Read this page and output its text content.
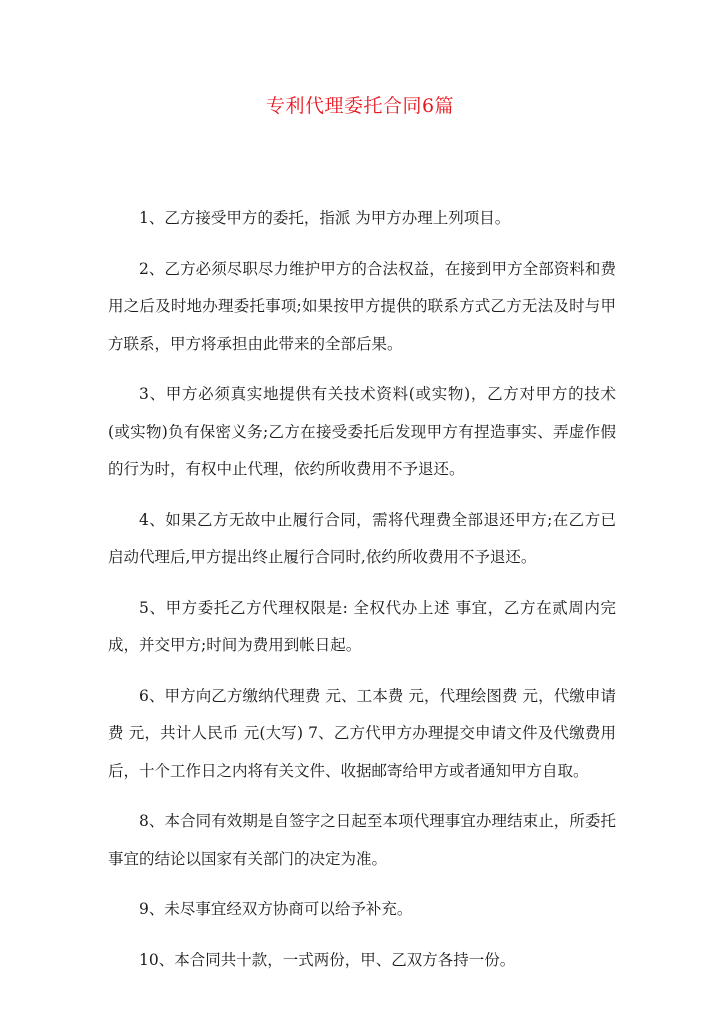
专利代理委托合同6篇

1、乙方接受甲方的委托，指派 为甲方办理上列项目。

2、乙方必须尽职尽力维护甲方的合法权益，在接到甲方全部资料和费用之后及时地办理委托事项;如果按甲方提供的联系方式乙方无法及时与甲方联系，甲方将承担由此带来的全部后果。

3、甲方必须真实地提供有关技术资料(或实物)，乙方对甲方的技术(或实物)负有保密义务;乙方在接受委托后发现甲方有捏造事实、弄虚作假的行为时，有权中止代理，依约所收费用不予退还。

4、如果乙方无故中止履行合同，需将代理费全部退还甲方;在乙方已启动代理后,甲方提出终止履行合同时,依约所收费用不予退还。

5、甲方委托乙方代理权限是: 全权代办上述 事宜，乙方在贰周内完成，并交甲方;时间为费用到帐日起。

6、甲方向乙方缴纳代理费 元、工本费 元，代理绘图费 元，代缴申请费 元，共计人民币 元(大写) 7、乙方代甲方办理提交申请文件及代缴费用后，十个工作日之内将有关文件、收据邮寄给甲方或者通知甲方自取。

8、本合同有效期是自签字之日起至本项代理事宜办理结束止，所委托事宜的结论以国家有关部门的决定为准。

9、未尽事宜经双方协商可以给予补充。

10、本合同共十款，一式两份，甲、乙双方各持一份。
